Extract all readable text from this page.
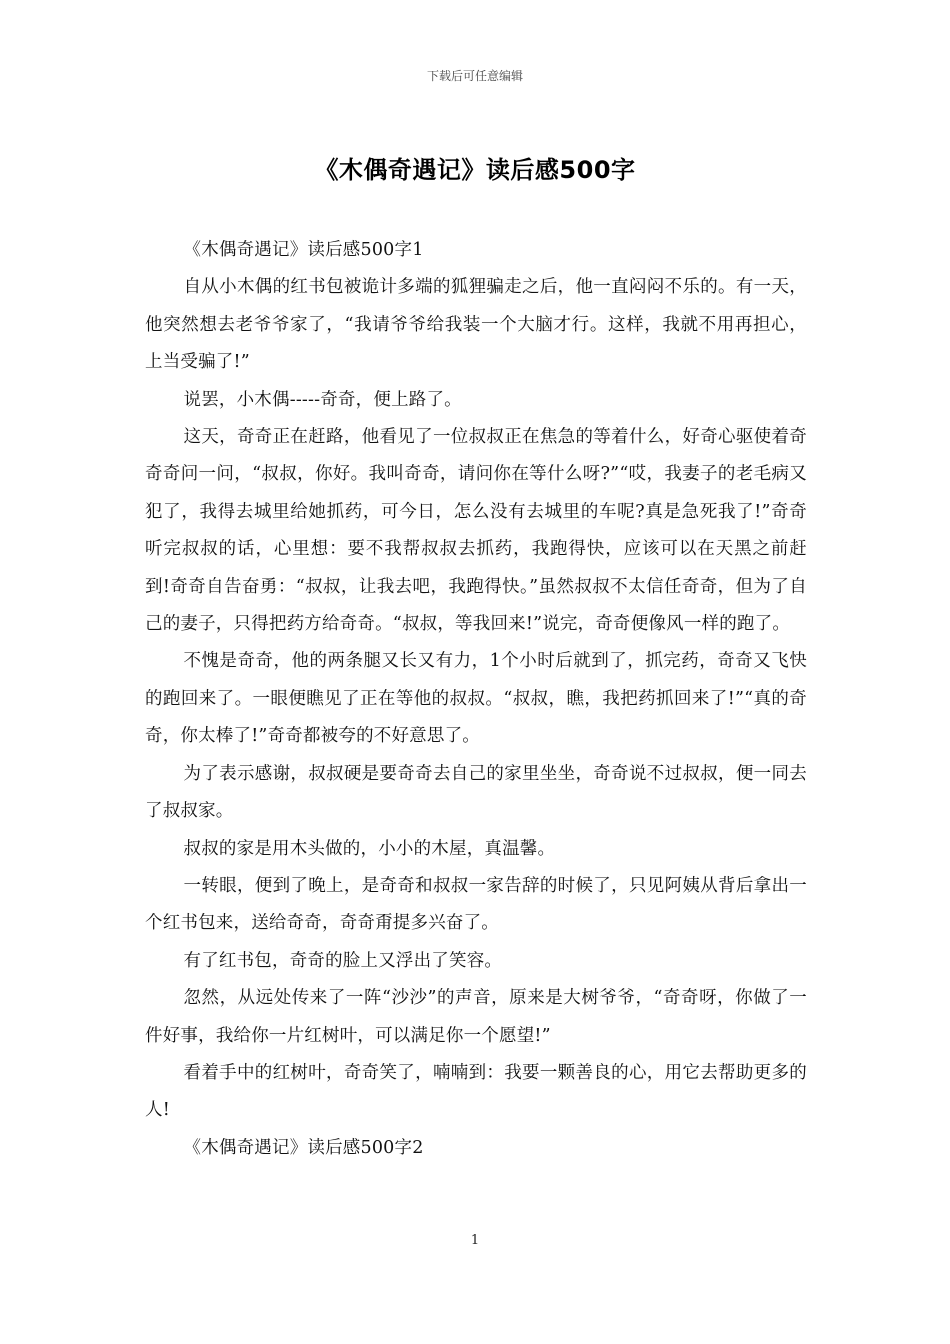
下载后可任意编辑
《木偶奇遇记》读后感500字

《木偶奇遇记》读后感500字1

自从小木偶的红书包被诡计多端的狐狸骗走之后，他一直闷闷不乐的。有一天，他突然想去老爷爷家了，“我请爷爷给我装一个大脑才行。这样，我就不用再担心，上当受骗了!”

说罢，小木偶-----奇奇，便上路了。

这天，奇奇正在赶路，他看见了一位叔叔正在焦急的等着什么，好奇心驱使着奇奇奇问一问，“叔叔，你好。我叫奇奇，请问你在等什么呀?”“哎，我妻子的老毛病又犯了，我得去城里给她抓药，可今日，怎么没有去城里的车呢?真是急死我了!”奇奇听完叔叔的话，心里想：要不我帮叔叔去抓药，我跑得快，应该可以在天黑之前赶到!奇奇自告奋勇：“叔叔，让我去吧，我跑得快。”虽然叔叔不太信任奇奇，但为了自己的妻子，只得把药方给奇奇。“叔叔，等我回来!”说完，奇奇便像风一样的跑了。

不愧是奇奇，他的两条腿又长又有力，1个小时后就到了，抓完药，奇奇又飞快的跑回来了。一眼便瞧见了正在等他的叔叔。“叔叔，瞧，我把药抓回来了!”“真的奇奇，你太棒了!”奇奇都被夸的不好意思了。

为了表示感谢，叔叔硬是要奇奇去自己的家里坐坐，奇奇说不过叔叔，便一同去了叔叔家。

叔叔的家是用木头做的，小小的木屋，真温馨。

一转眼，便到了晚上，是奇奇和叔叔一家告辞的时候了，只见阿姨从背后拿出一个红书包来，送给奇奇，奇奇甭提多兴奋了。

有了红书包，奇奇的脸上又浮出了笑容。

忽然，从远处传来了一阵“沙沙”的声音，原来是大树爷爷，“奇奇呀，你做了一件好事，我给你一片红树叶，可以满足你一个愿望!”

看着手中的红树叶，奇奇笑了，喃喃到：我要一颗善良的心，用它去帮助更多的人!

《木偶奇遇记》读后感500字2

1
